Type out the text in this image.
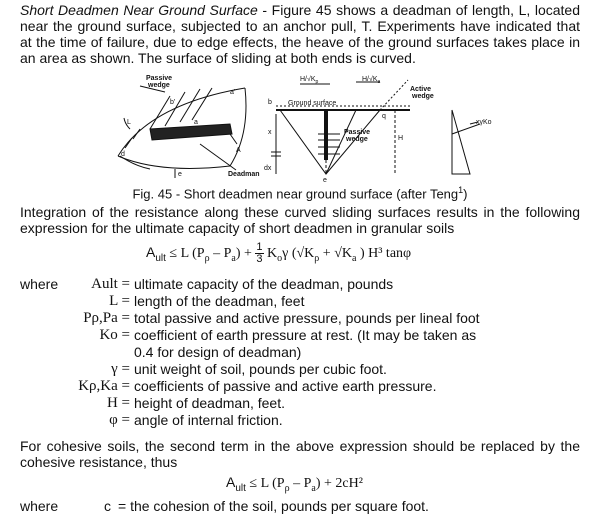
Short Deadmen Near Ground Surface - Figure 45 shows a deadman of length, L, located near the ground surface, subjected to an anchor pull, T. Experiments have indicated that at the time of failure, due to edge effects, the heave of the ground surfaces takes place in an area as shown. The surface of sliding at both ends is curved.

Passive
wedge
a'
b'
L	a
d
e
A
Deadman
$H/√K_p$	$H/√K_a$
b Ground surface
x
dx
q
Passive
wedge	H
e
Active
wedge
xγKo
Fig. 45 - Short deadmen near ground surface (after Teng$^1$)

Integration of the resistance along these curved sliding surfaces results in the following expression for the ultimate capacity of short deadmen in granular soils

$A_{ult} \le L$ $(P_\rho - P_a) + \frac{1}{3} K_o\gamma$ ($√K_\rho + √K_a$ ) H³ tanφ
where Ault = ultimate capacity of the deadman, pounds
L = length of the deadman, feet
Pρ,Pa = total passive and active pressure, pounds per lineal foot
Ko = coefficient of earth pressure at rest. (It may be taken as
0.4 for design of deadman)
γ = unit weight of soil, pounds per cubic foot.
Kρ,Ka = coefficients of passive and active earth pressure.
H = height of deadman, feet.
φ = angle of internal friction.

For cohesive soils, the second term in the above expression should be replaced by the cohesive resistance, thus

$A_{ult} \le L$ $(P_\rho - P_a) + 2cH^2$
where	c = the cohesion of the soil, pounds per square foot.
